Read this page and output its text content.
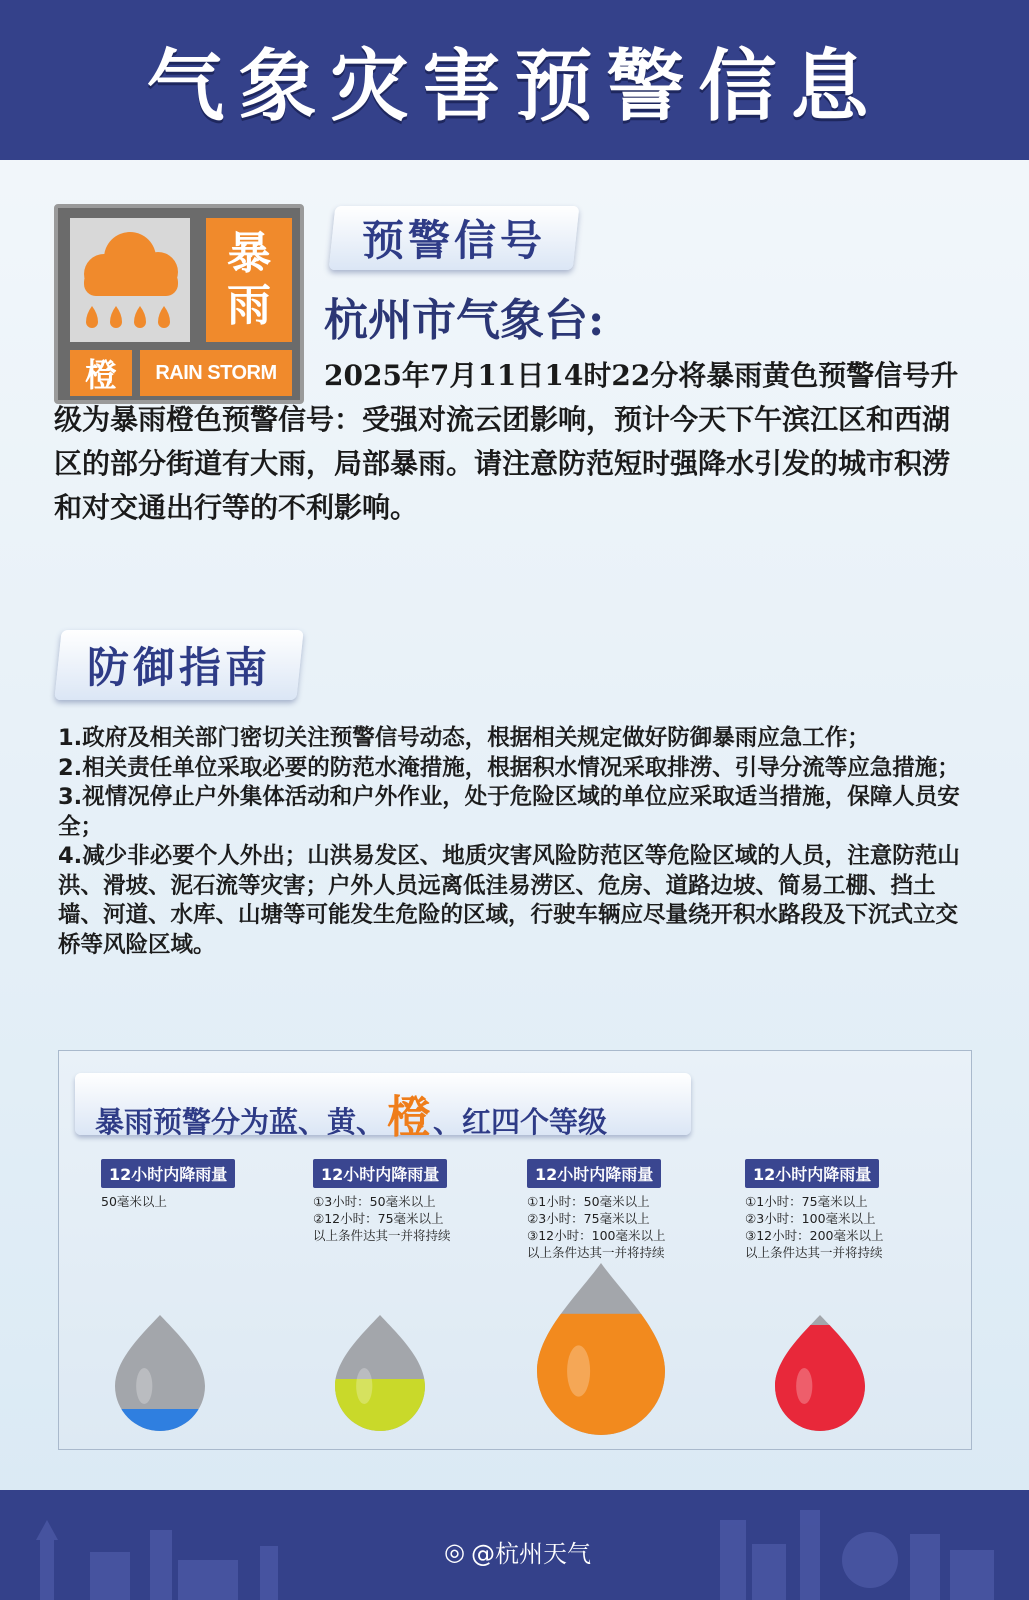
气象灾害预警信息
暴
雨
橙	RAIN STORM
预警信号
杭州市气象台:
2025年7月11日14时22分将暴雨黄色预警信号升级为暴雨橙色预警信号：受强对流云团影响，预计今天下午滨江区和西湖区的部分街道有大雨，局部暴雨。请注意防范短时强降水引发的城市积涝和对交通出行等的不利影响。
防御指南

1.政府及相关部门密切关注预警信号动态，根据相关规定做好防御暴雨应急工作；

2.相关责任单位采取必要的防范水淹措施，根据积水情况采取排涝、引导分流等应急措施；

3.视情况停止户外集体活动和户外作业，处于危险区域的单位应采取适当措施，保障人员安全；

4.减少非必要个人外出；山洪易发区、地质灾害风险防范区等危险区域的人员，注意防范山洪、滑坡、泥石流等灾害；户外人员远离低洼易涝区、危房、道路边坡、简易工棚、挡土墙、河道、水库、山塘等可能发生危险的区域，行驶车辆应尽量绕开积水路段及下沉式立交桥等风险区域。

暴雨预警分为蓝、黄、 橙 、红四个等级
12小时内降雨量
50毫米以上
12小时内降雨量
①3小时：50毫米以上
②12小时：75毫米以上
以上条件达其一并将持续
12小时内降雨量
①1小时：50毫米以上
②3小时：75毫米以上
③12小时：100毫米以上
以上条件达其一并将持续
12小时内降雨量
①1小时：75毫米以上
②3小时：100毫米以上
③12小时：200毫米以上
以上条件达其一并将持续
◎ @杭州天气
